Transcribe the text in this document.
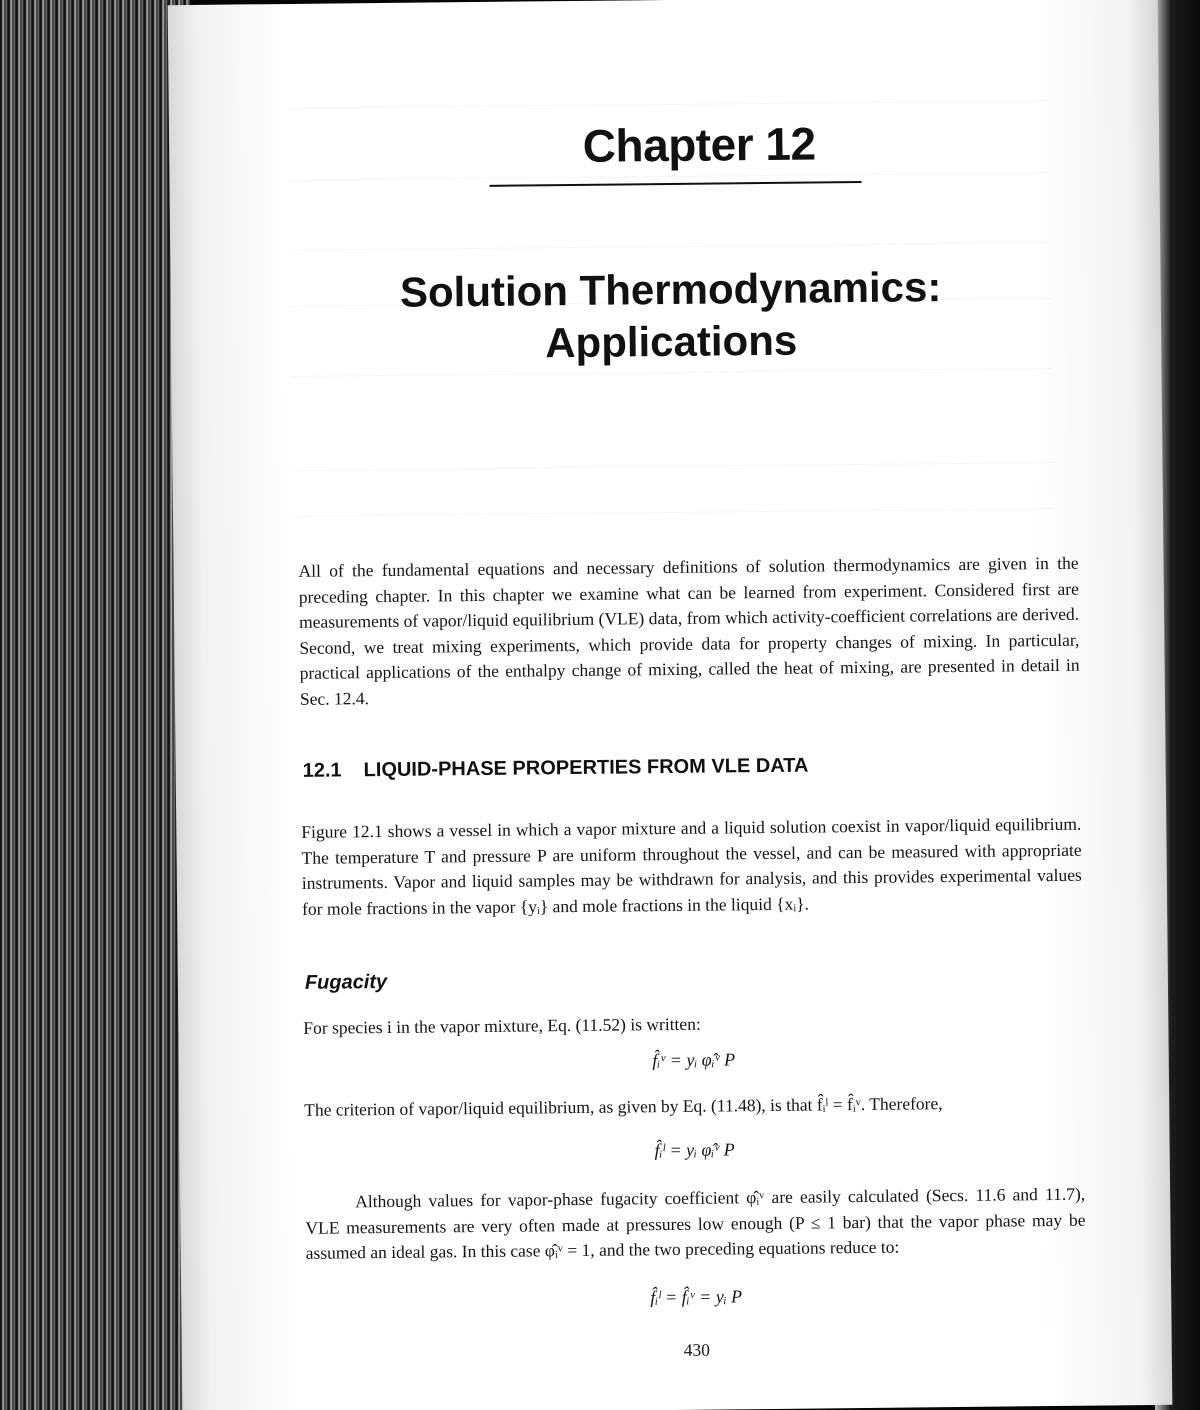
Chapter 12
Solution Thermodynamics:
Applications

All of the fundamental equations and necessary definitions of solution thermodynamics are given in the preceding chapter. In this chapter we examine what can be learned from experiment. Considered first are measurements of vapor/liquid equilibrium (VLE) data, from which activity-coefficient correlations are derived. Second, we treat mixing experiments, which provide data for property changes of mixing. In particular, practical applications of the enthalpy change of mixing, called the heat of mixing, are presented in detail in Sec. 12.4.

12.1 LIQUID-PHASE PROPERTIES FROM VLE DATA

Figure 12.1 shows a vessel in which a vapor mixture and a liquid solution coexist in vapor/liquid equilibrium. The temperature T and pressure P are uniform throughout the vessel, and can be measured with appropriate instruments. Vapor and liquid samples may be withdrawn for analysis, and this provides experimental values for mole fractions in the vapor {yᵢ} and mole fractions in the liquid {xᵢ}.

Fugacity

For species i in the vapor mixture, Eq. (11.52) is written:

f̂ᵢᵛ = yᵢ φ̂ᵢᵛ P

The criterion of vapor/liquid equilibrium, as given by Eq. (11.48), is that f̂ᵢˡ = f̂ᵢᵛ. Therefore,

f̂ᵢˡ = yᵢ φ̂ᵢᵛ P

Although values for vapor-phase fugacity coefficient φ̂ᵢᵛ are easily calculated (Secs. 11.6 and 11.7), VLE measurements are very often made at pressures low enough (P ≤ 1 bar) that the vapor phase may be assumed an ideal gas. In this case φ̂ᵢᵛ = 1, and the two preceding equations reduce to:

f̂ᵢˡ = f̂ᵢᵛ = yᵢ P
430
